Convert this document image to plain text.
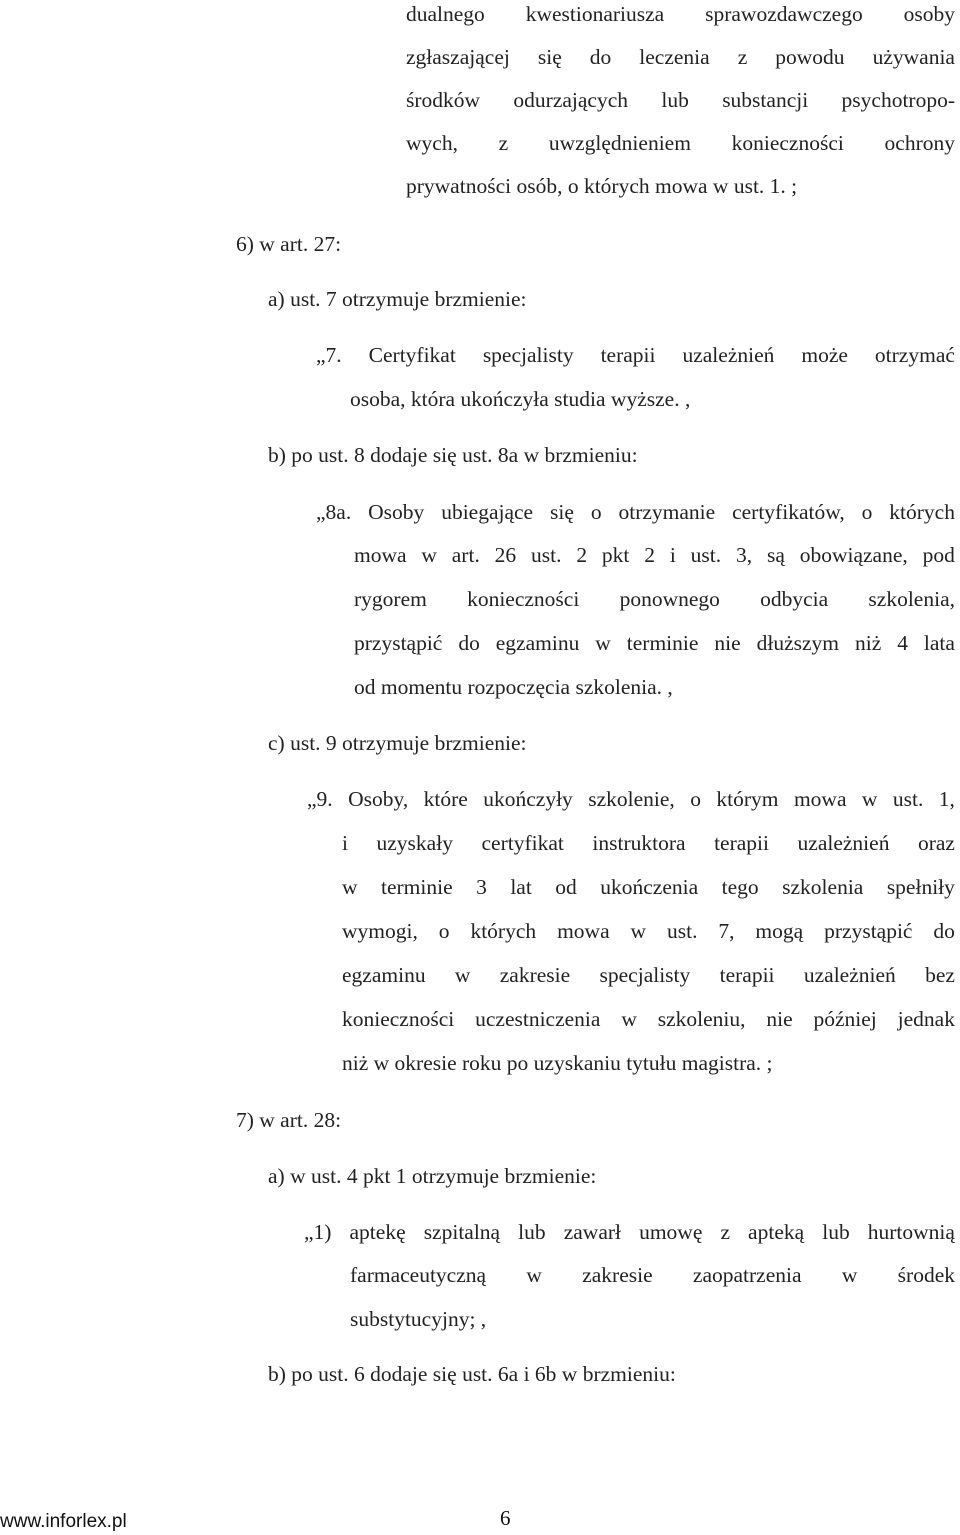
dualnego kwestionariusza sprawozdawczego osoby
zgłaszającej się do leczenia z powodu używania
środków odurzających lub substancji psychotropo-
wych, z uwzględnieniem konieczności ochrony
prywatności osób, o których mowa w ust. 1. ;
6) w art. 27:
a) ust. 7 otrzymuje brzmienie:
„7. Certyfikat specjalisty terapii uzależnień może otrzymać
osoba, która ukończyła studia wyższe. ,
b) po ust. 8 dodaje się ust. 8a w brzmieniu:
„8a. Osoby ubiegające się o otrzymanie certyfikatów, o których
mowa w art. 26 ust. 2 pkt 2 i ust. 3, są obowiązane, pod
rygorem konieczności ponownego odbycia szkolenia,
przystąpić do egzaminu w terminie nie dłuższym niż 4 lata
od momentu rozpoczęcia szkolenia. ,
c) ust. 9 otrzymuje brzmienie:
„9. Osoby, które ukończyły szkolenie, o którym mowa w ust. 1,
i uzyskały certyfikat instruktora terapii uzależnień oraz
w terminie 3 lat od ukończenia tego szkolenia spełniły
wymogi, o których mowa w ust. 7, mogą przystąpić do
egzaminu w zakresie specjalisty terapii uzależnień bez
konieczności uczestniczenia w szkoleniu, nie później jednak
niż w okresie roku po uzyskaniu tytułu magistra. ;
7) w art. 28:
a) w ust. 4 pkt 1 otrzymuje brzmienie:
„1) aptekę szpitalną lub zawarł umowę z apteką lub hurtownią
farmaceutyczną w zakresie zaopatrzenia w środek
substytucyjny; ,
b) po ust. 6 dodaje się ust. 6a i 6b w brzmieniu:
www.inforlex.pl	6
